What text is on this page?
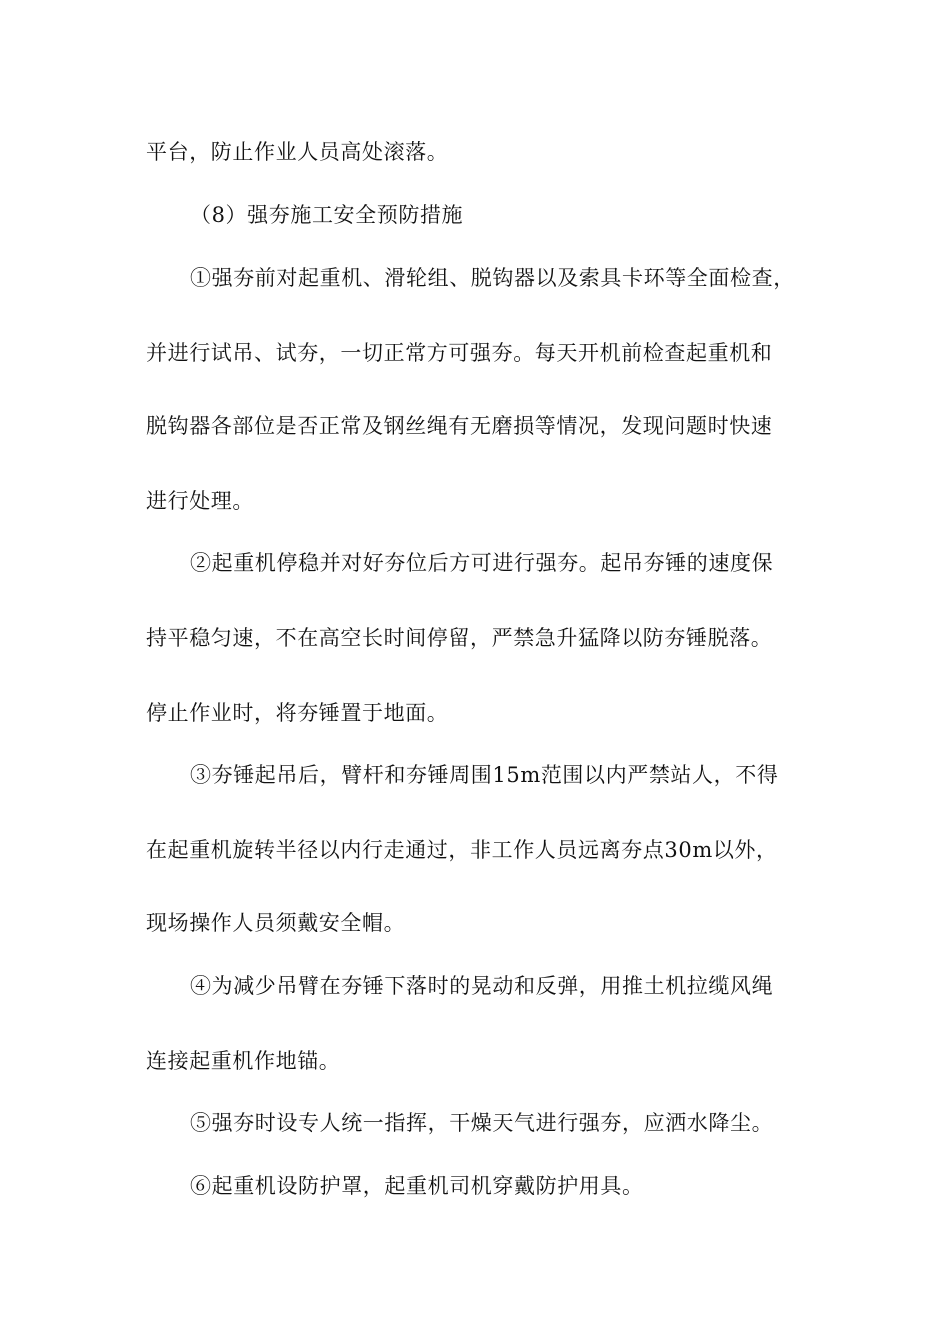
平台，防止作业人员高处滚落。
（8）强夯施工安全预防措施
①强夯前对起重机、滑轮组、脱钩器以及索具卡环等全面检查，
并进行试吊、试夯，一切正常方可强夯。每天开机前检查起重机和
脱钩器各部位是否正常及钢丝绳有无磨损等情况，发现问题时快速
进行处理。
②起重机停稳并对好夯位后方可进行强夯。起吊夯锤的速度保
持平稳匀速，不在高空长时间停留，严禁急升猛降以防夯锤脱落。
停止作业时，将夯锤置于地面。
③夯锤起吊后，臂杆和夯锤周围15m范围以内严禁站人，不得
在起重机旋转半径以内行走通过，非工作人员远离夯点30m以外，
现场操作人员须戴安全帽。
④为减少吊臂在夯锤下落时的晃动和反弹，用推土机拉缆风绳
连接起重机作地锚。
⑤强夯时设专人统一指挥，干燥天气进行强夯，应洒水降尘。
⑥起重机设防护罩，起重机司机穿戴防护用具。
